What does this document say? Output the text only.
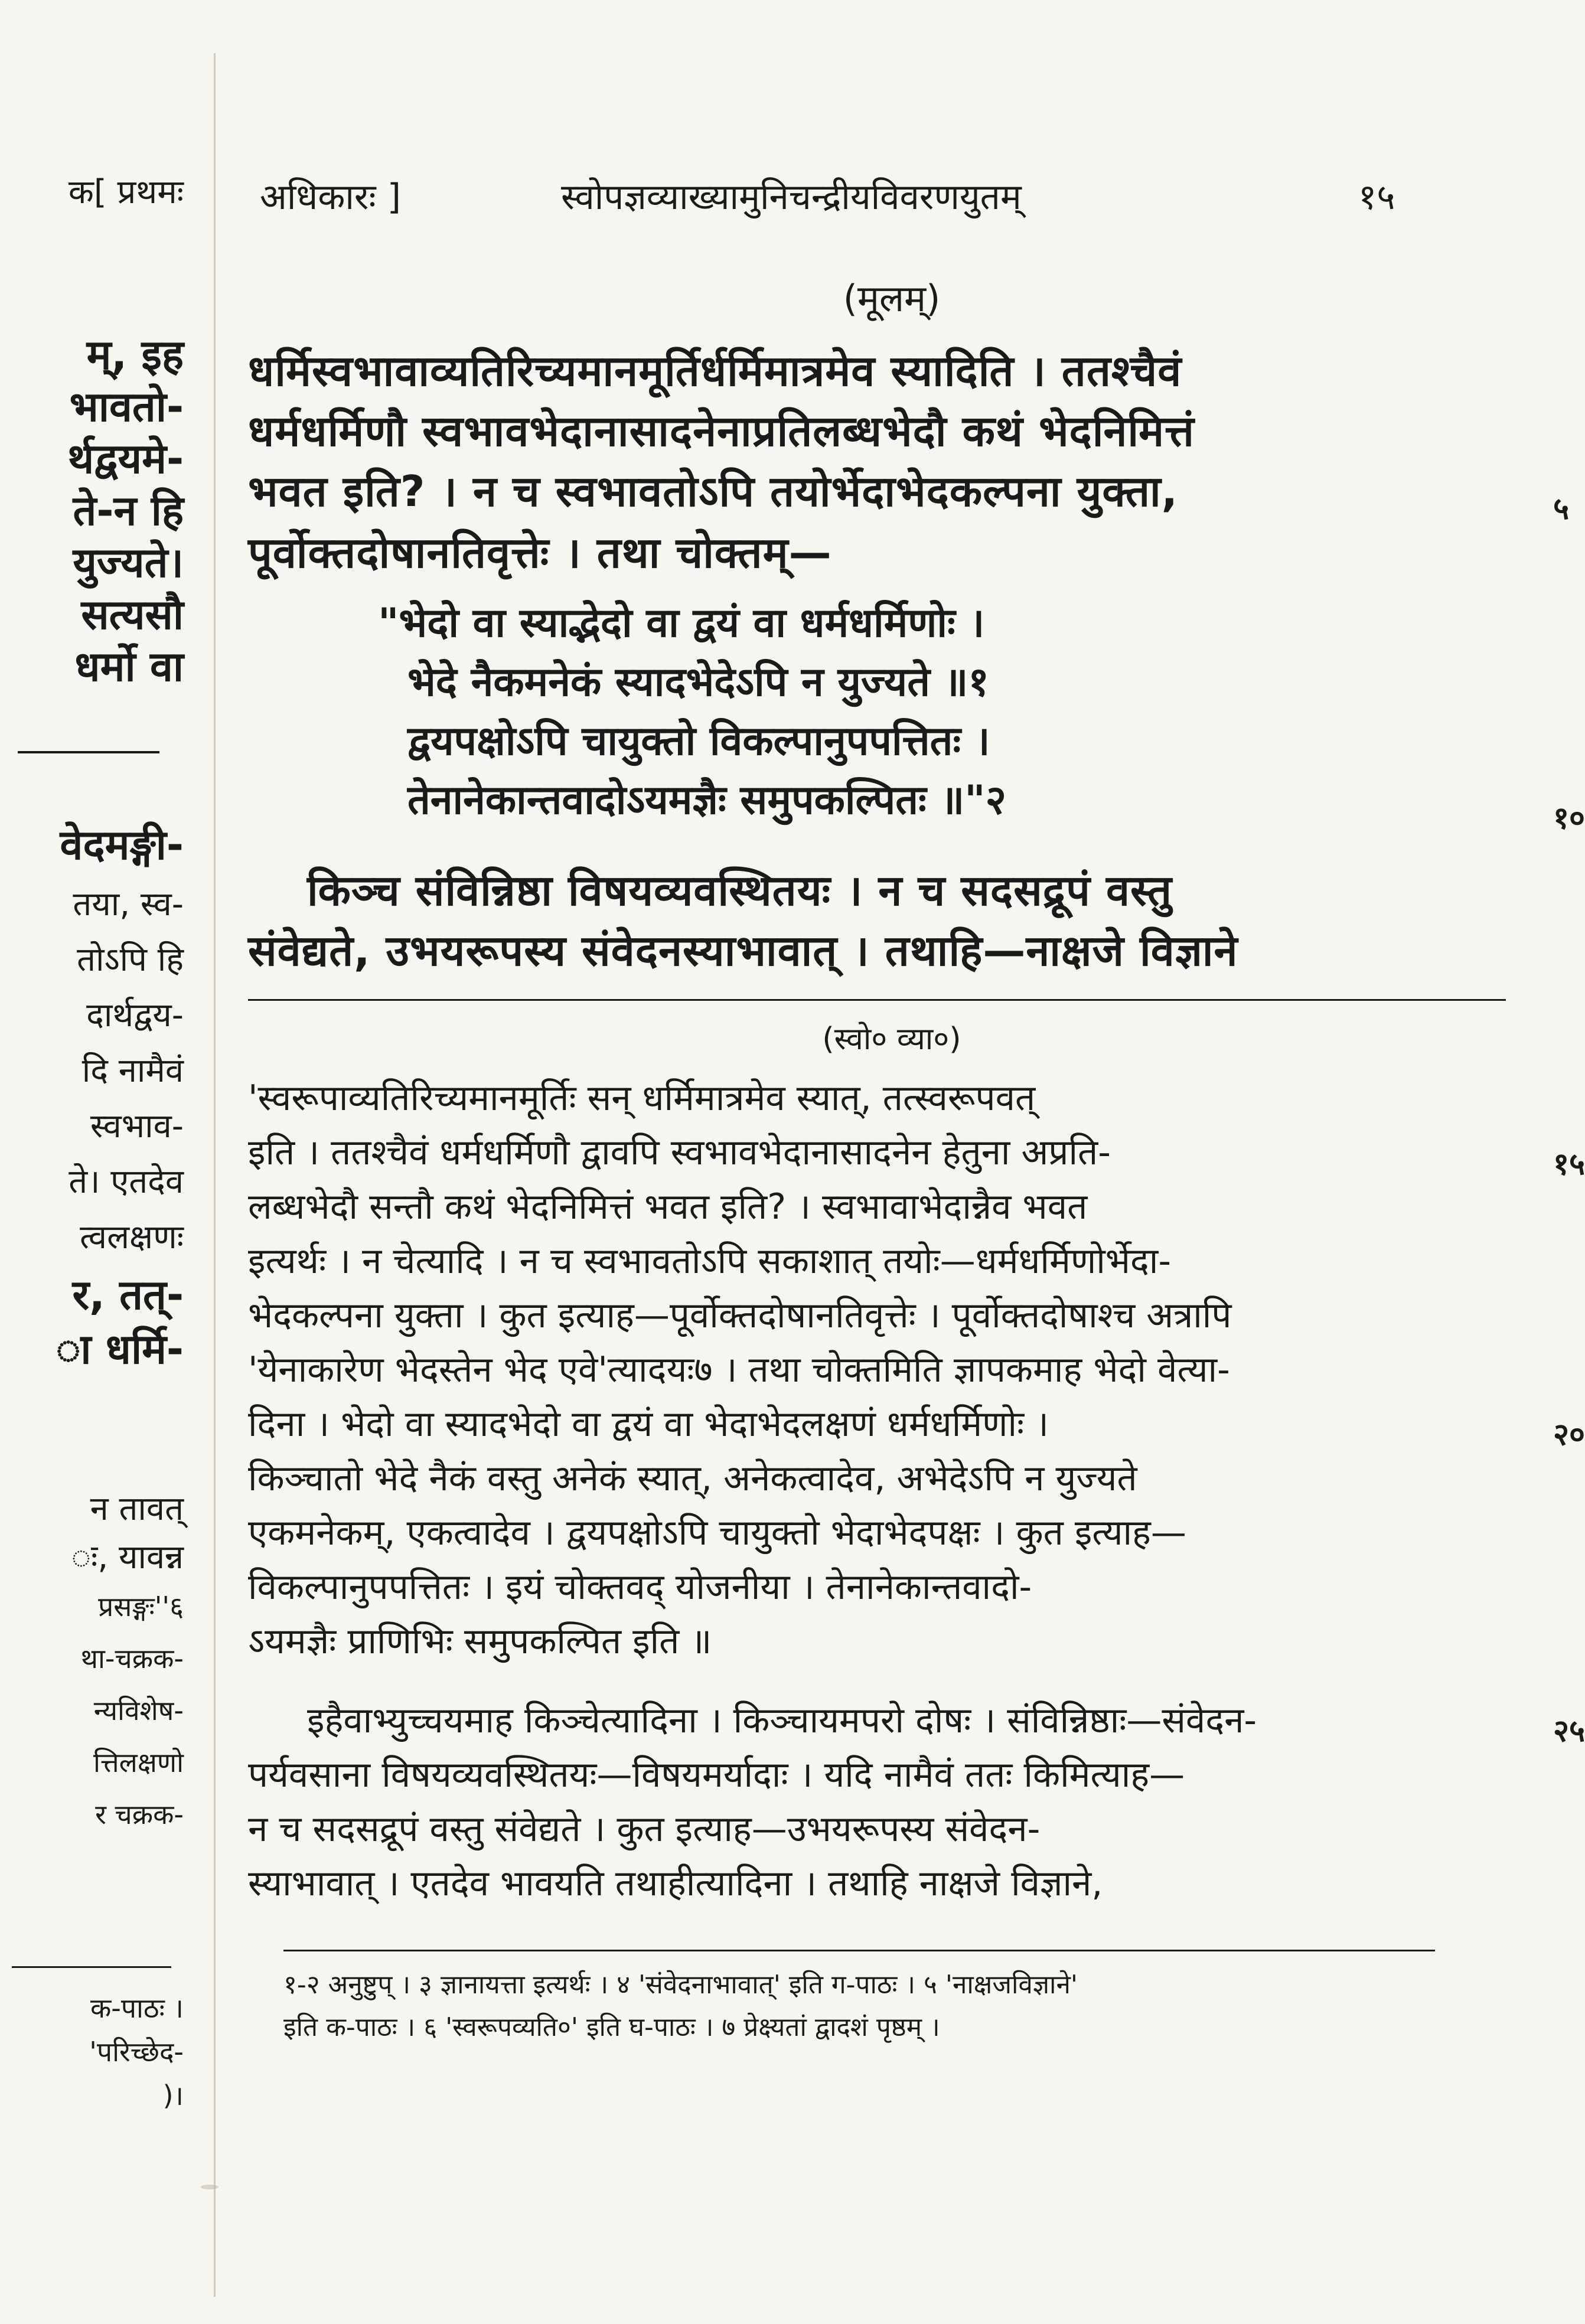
क[ प्रथमः
म्, इह
भावतो-
र्थद्वयमे-
ते-न हि
युज्यते।
सत्यसौ
धर्मो वा
वेदमङ्गी-
तया, स्व-
तोऽपि हि
दार्थद्वय-
दि नामैवं
स्वभाव-
ते। एतदेव
त्वलक्षणः
र, तत्-
ा धर्मि-
न तावत्
ः, यावन्न
प्रसङ्गः''६
था-चक्रक-
न्यविशेष-
त्तिलक्षणो
र चक्रक-
क-पाठः ।
'परिच्छेद-
)।
अधिकारः ]	स्वोपज्ञव्याख्यामुनिचन्द्रीयविवरणयुतम्	१५
(मूलम्)
धर्मिस्वभावाव्यतिरिच्यमानमूर्तिर्धर्मिमात्रमेव स्यादिति । ततश्चैवं
धर्मधर्मिणौ स्वभावभेदानासादनेनाप्रतिलब्धभेदौ कथं भेदनिमित्तं
भवत इति? । न च स्वभावतोऽपि तयोर्भेदाभेदकल्पना युक्ता,	५
पूर्वोक्तदोषानतिवृत्तेः । तथा चोक्तम्—
"भेदो वा स्याद्भेदो वा द्वयं वा धर्मधर्मिणोः ।
भेदे नैकमनेकं स्यादभेदेऽपि न युज्यते ॥१
द्वयपक्षोऽपि चायुक्तो विकल्पानुपपत्तितः ।
तेनानेकान्तवादोऽयमज्ञैः समुपकल्पितः ॥"२	१०
किञ्च संविन्निष्ठा विषयव्यवस्थितयः । न च सदसद्रूपं वस्तु
संवेद्यते, उभयरूपस्य संवेदनस्याभावात् । तथाहि—नाक्षजे विज्ञाने
(स्वो० व्या०)
'स्वरूपाव्यतिरिच्यमानमूर्तिः सन् धर्मिमात्रमेव स्यात्, तत्स्वरूपवत्
इति । ततश्चैवं धर्मधर्मिणौ द्वावपि स्वभावभेदानासादनेन हेतुना अप्रति-	१५
लब्धभेदौ सन्तौ कथं भेदनिमित्तं भवत इति? । स्वभावाभेदान्नैव भवत
इत्यर्थः । न चेत्यादि । न च स्वभावतोऽपि सकाशात् तयोः—धर्मधर्मिणोर्भेदा-
भेदकल्पना युक्ता । कुत इत्याह—पूर्वोक्तदोषानतिवृत्तेः । पूर्वोक्तदोषाश्च अत्रापि
'येनाकारेण भेदस्तेन भेद एवे'त्यादयः७ । तथा चोक्तमिति ज्ञापकमाह भेदो वेत्या-
दिना । भेदो वा स्यादभेदो वा द्वयं वा भेदाभेदलक्षणं धर्मधर्मिणोः ।	२०
किञ्चातो भेदे नैकं वस्तु अनेकं स्यात्, अनेकत्वादेव, अभेदेऽपि न युज्यते
एकमनेकम्, एकत्वादेव । द्वयपक्षोऽपि चायुक्तो भेदाभेदपक्षः । कुत इत्याह—
विकल्पानुपपत्तितः । इयं चोक्तवद् योजनीया । तेनानेकान्तवादो-
ऽयमज्ञैः प्राणिभिः समुपकल्पित इति ॥
इहैवाभ्युच्चयमाह किञ्चेत्यादिना । किञ्चायमपरो दोषः । संविन्निष्ठाः—संवेदन-	२५
पर्यवसाना विषयव्यवस्थितयः—विषयमर्यादाः । यदि नामैवं ततः किमित्याह—
न च सदसद्रूपं वस्तु संवेद्यते । कुत इत्याह—उभयरूपस्य संवेदन-
स्याभावात् । एतदेव भावयति तथाहीत्यादिना । तथाहि नाक्षजे विज्ञाने,
१-२ अनुष्टुप् । ३ ज्ञानायत्ता इत्यर्थः । ४ 'संवेदनाभावात्' इति ग-पाठः । ५ 'नाक्षजविज्ञाने'
इति क-पाठः । ६ 'स्वरूपव्यति०' इति घ-पाठः । ७ प्रेक्ष्यतां द्वादशं पृष्ठम् ।
